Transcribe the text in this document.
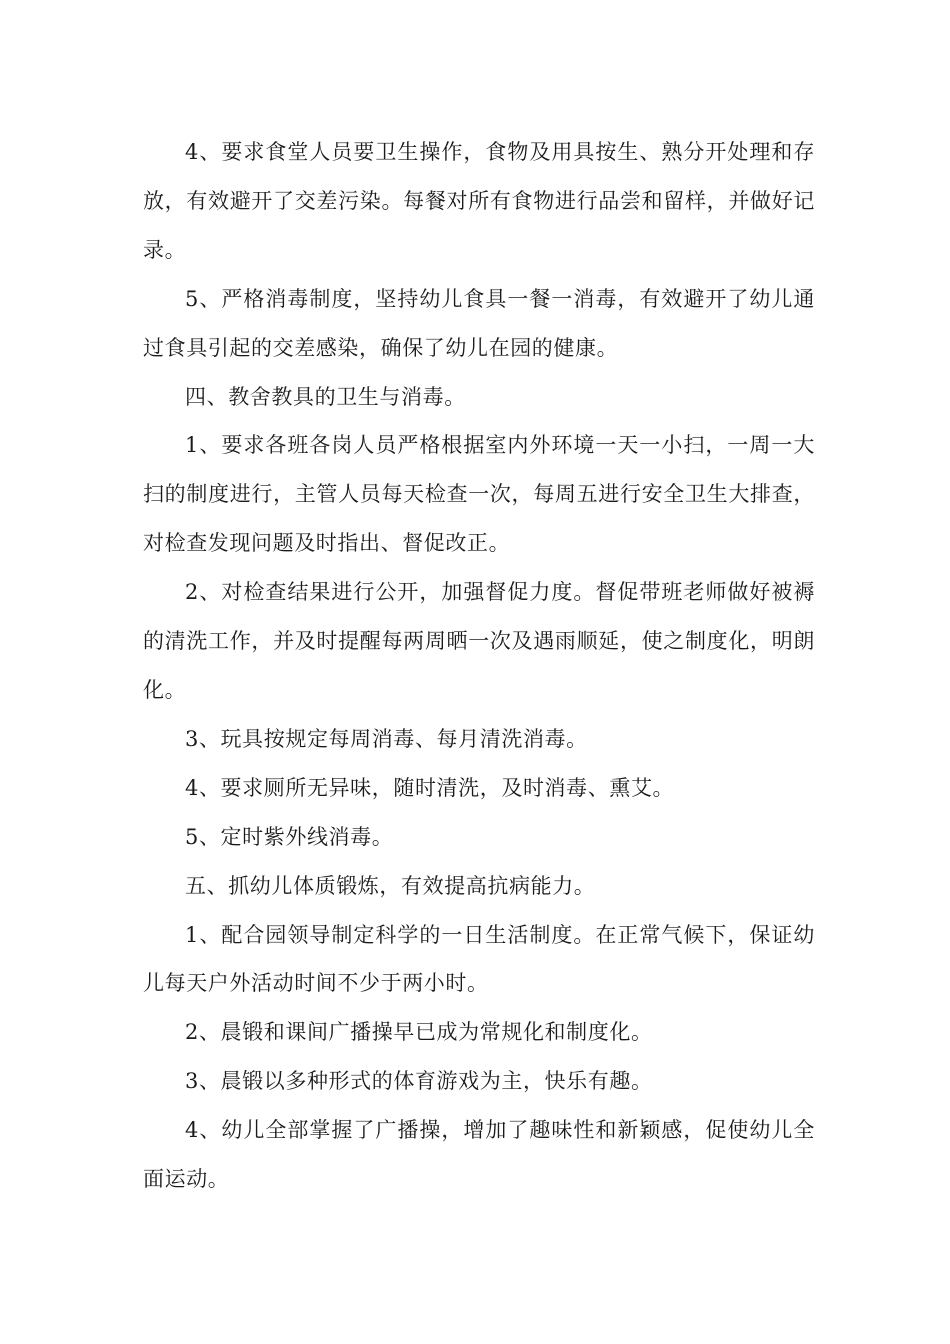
4、要求食堂人员要卫生操作，食物及用具按生、熟分开处理和存放，有效避开了交差污染。每餐对所有食物进行品尝和留样，并做好记录。

5、严格消毒制度，坚持幼儿食具一餐一消毒，有效避开了幼儿通过食具引起的交差感染，确保了幼儿在园的健康。

四、教舍教具的卫生与消毒。

1、要求各班各岗人员严格根据室内外环境一天一小扫，一周一大扫的制度进行，主管人员每天检查一次，每周五进行安全卫生大排查，对检查发现问题及时指出、督促改正。

2、对检查结果进行公开，加强督促力度。督促带班老师做好被褥的清洗工作，并及时提醒每两周晒一次及遇雨顺延，使之制度化，明朗化。

3、玩具按规定每周消毒、每月清洗消毒。

4、要求厕所无异味，随时清洗，及时消毒、熏艾。

5、定时紫外线消毒。

五、抓幼儿体质锻炼，有效提高抗病能力。

1、配合园领导制定科学的一日生活制度。在正常气候下，保证幼儿每天户外活动时间不少于两小时。

2、晨锻和课间广播操早已成为常规化和制度化。

3、晨锻以多种形式的体育游戏为主，快乐有趣。

4、幼儿全部掌握了广播操，增加了趣味性和新颖感，促使幼儿全面运动。
